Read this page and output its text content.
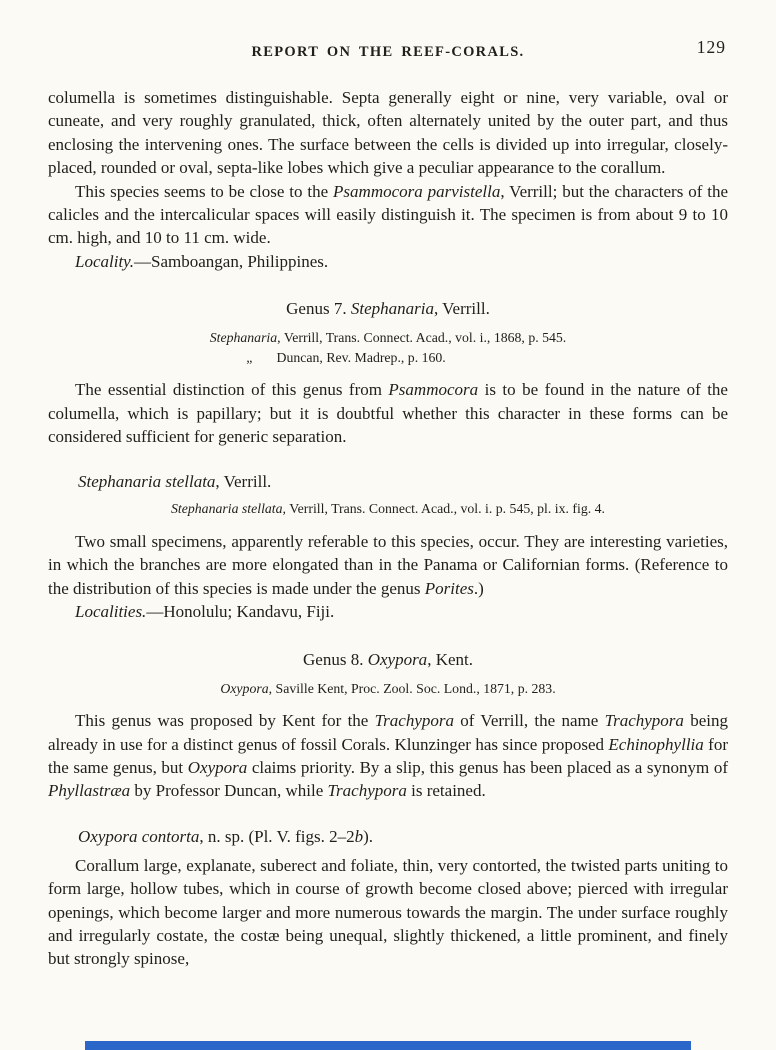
REPORT ON THE REEF-CORALS.	129

columella is sometimes distinguishable. Septa generally eight or nine, very variable, oval or cuneate, and very roughly granulated, thick, often alternately united by the outer part, and thus enclosing the intervening ones. The surface between the cells is divided up into irregular, closely-placed, rounded or oval, septa-like lobes which give a peculiar appearance to the corallum.

This species seems to be close to the Psammocora parvistella, Verrill; but the characters of the calicles and the intercalicular spaces will easily distinguish it. The specimen is from about 9 to 10 cm. high, and 10 to 11 cm. wide.

Locality.—Samboangan, Philippines.

Genus 7. Stephanaria, Verrill.

Stephanaria, Verrill, Trans. Connect. Acad., vol. i., 1868, p. 545.

„       Duncan, Rev. Madrep., p. 160.

The essential distinction of this genus from Psammocora is to be found in the nature of the columella, which is papillary; but it is doubtful whether this character in these forms can be considered sufficient for generic separation.

Stephanaria stellata, Verrill.

Stephanaria stellata, Verrill, Trans. Connect. Acad., vol. i. p. 545, pl. ix. fig. 4.

Two small specimens, apparently referable to this species, occur. They are interesting varieties, in which the branches are more elongated than in the Panama or Californian forms. (Reference to the distribution of this species is made under the genus Porites.)

Localities.—Honolulu; Kandavu, Fiji.

Genus 8. Oxypora, Kent.

Oxypora, Saville Kent, Proc. Zool. Soc. Lond., 1871, p. 283.

This genus was proposed by Kent for the Trachypora of Verrill, the name Trachypora being already in use for a distinct genus of fossil Corals. Klunzinger has since proposed Echinophyllia for the same genus, but Oxypora claims priority. By a slip, this genus has been placed as a synonym of Phyllastræa by Professor Duncan, while Trachypora is retained.

Oxypora contorta, n. sp. (Pl. V. figs. 2–2b).

Corallum large, explanate, suberect and foliate, thin, very contorted, the twisted parts uniting to form large, hollow tubes, which in course of growth become closed above; pierced with irregular openings, which become larger and more numerous towards the margin. The under surface roughly and irregularly costate, the costæ being unequal, slightly thickened, a little prominent, and finely but strongly spinose,
